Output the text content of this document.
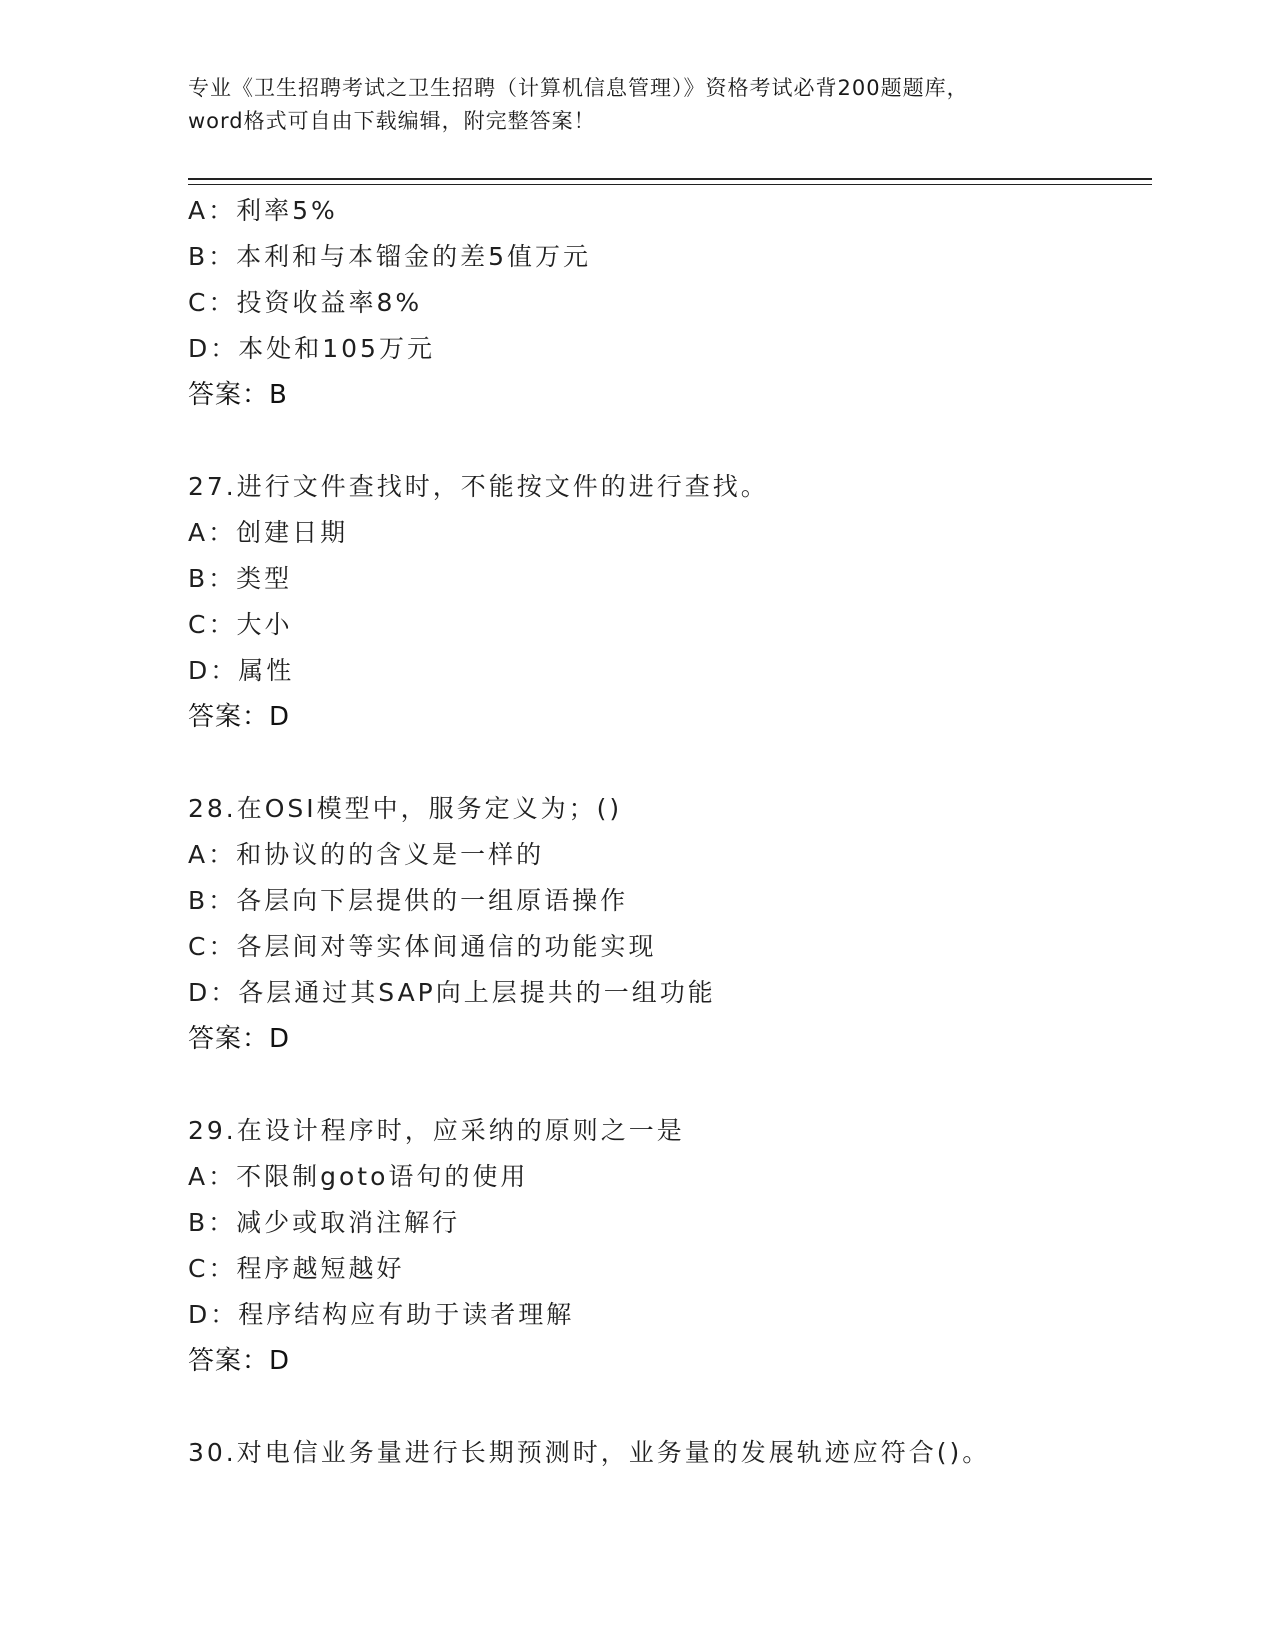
专业《卫生招聘考试之卫生招聘（计算机信息管理）》资格考试必背200题题库，
word格式可自由下载编辑，附完整答案！
A：利率5%
B：本利和与本镏金的差5值万元
C：投资收益率8%
D：本处和105万元
答案：B
27.进行文件查找时，不能按文件的进行查找。
A：创建日期
B：类型
C：大小
D：属性
答案：D
28.在OSI模型中，服务定义为；()
A：和协议的的含义是一样的
B：各层向下层提供的一组原语操作
C：各层间对等实体间通信的功能实现
D：各层通过其SAP向上层提共的一组功能
答案：D
29.在设计程序时，应采纳的原则之一是
A：不限制goto语句的使用
B：减少或取消注解行
C：程序越短越好
D：程序结构应有助于读者理解
答案：D
30.对电信业务量进行长期预测时，业务量的发展轨迹应符合()。
